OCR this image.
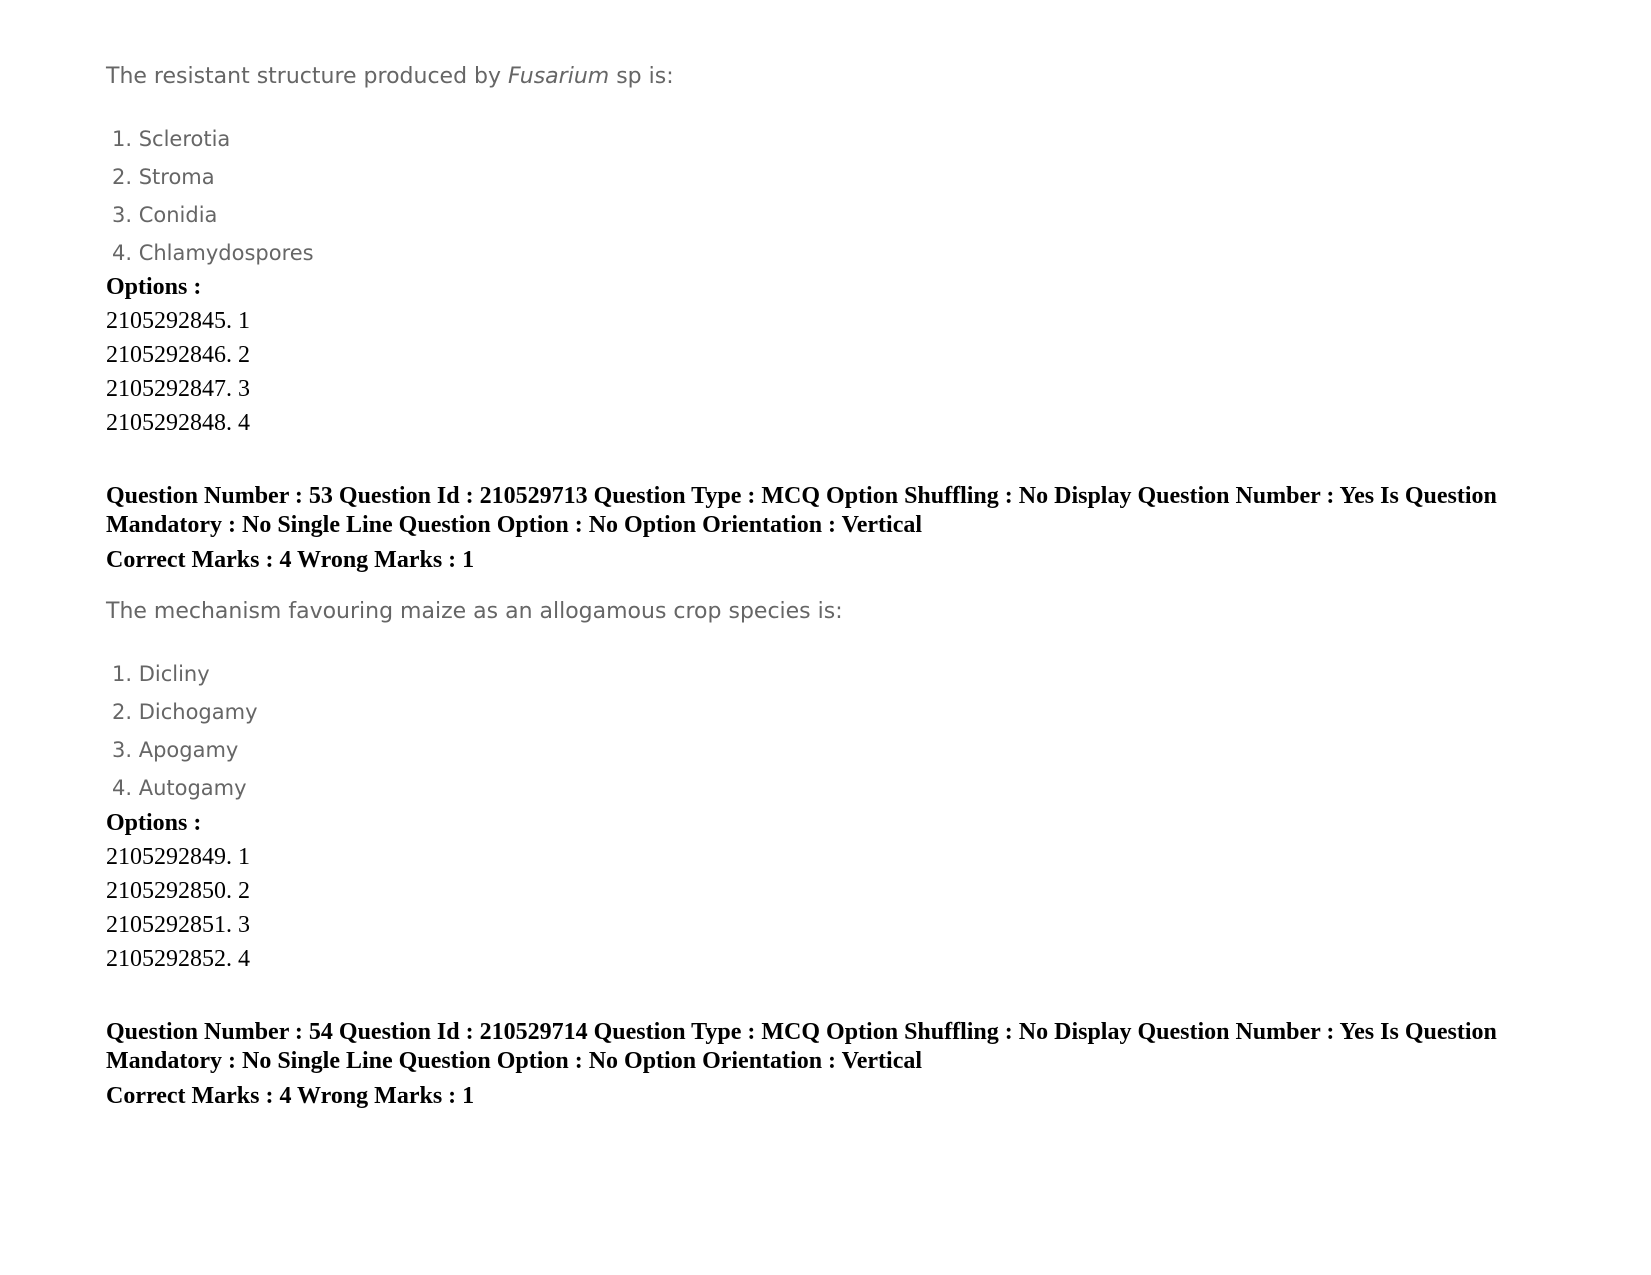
The resistant structure produced by Fusarium sp is:

1. Sclerotia
2. Stroma
3. Conidia
4. Chlamydospores

Options :

2105292845. 1
2105292846. 2
2105292847. 3
2105292848. 4

Question Number : 53 Question Id : 210529713 Question Type : MCQ Option Shuffling : No Display Question Number : Yes Is Question Mandatory : No Single Line Question Option : No Option Orientation : Vertical

Correct Marks : 4 Wrong Marks : 1

The mechanism favouring maize as an allogamous crop species is:

1. Dicliny
2. Dichogamy
3. Apogamy
4. Autogamy

Options :

2105292849. 1
2105292850. 2
2105292851. 3
2105292852. 4

Question Number : 54 Question Id : 210529714 Question Type : MCQ Option Shuffling : No Display Question Number : Yes Is Question Mandatory : No Single Line Question Option : No Option Orientation : Vertical

Correct Marks : 4 Wrong Marks : 1
